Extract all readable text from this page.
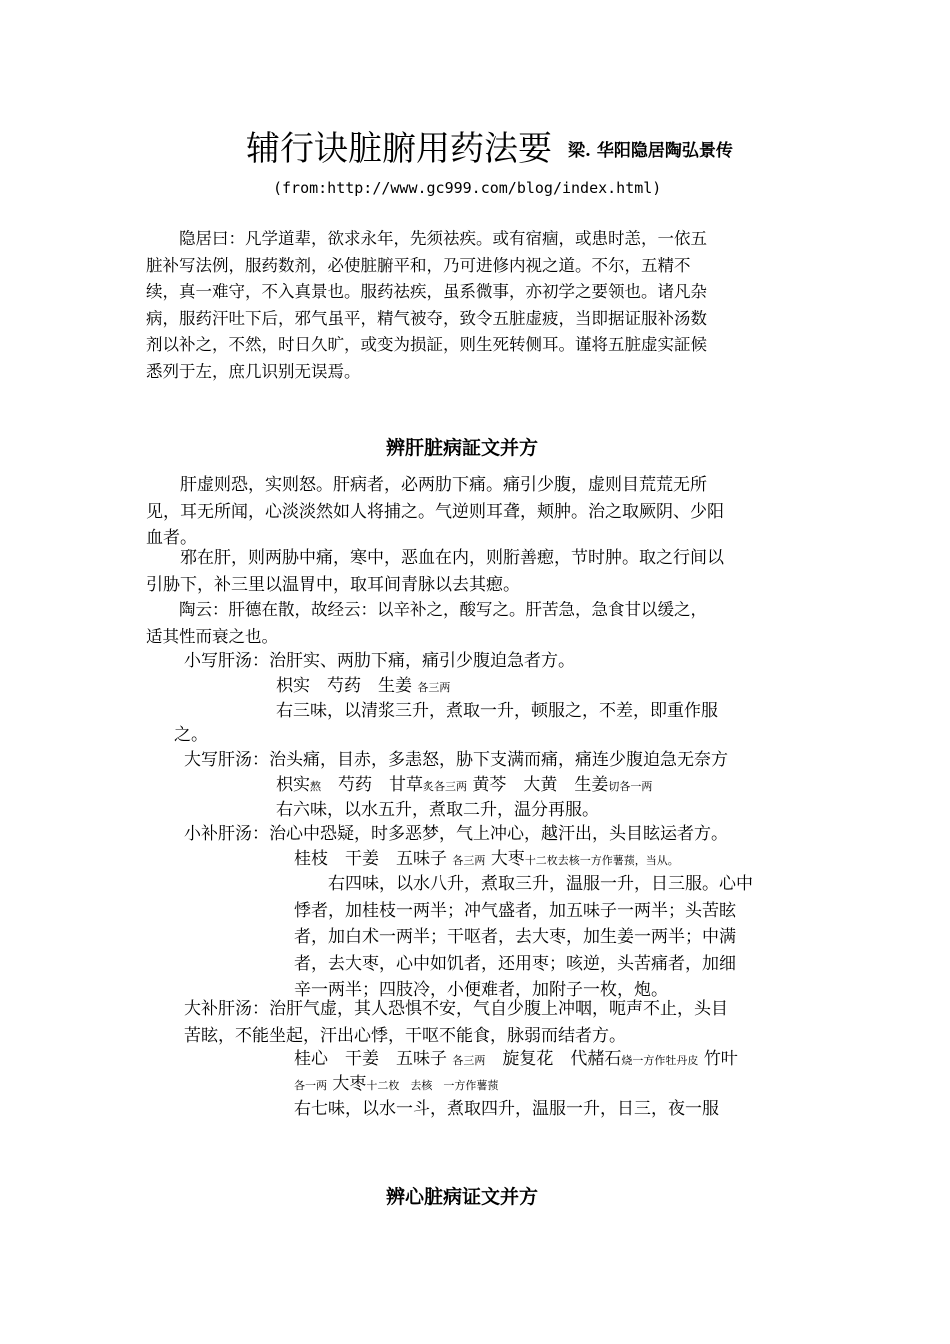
辅行诀脏腑用药法要 梁. 华阳隐居陶弘景传
(from:http://www.gc999.com/blog/index.html)
　　隐居曰：凡学道辈，欲求永年，先须祛疾。或有宿痼，或患时恙，一依五
脏补写法例，服药数剂，必使脏腑平和，乃可进修内视之道。不尔，五精不
续，真一难守，不入真景也。服药祛疾，虽系微事，亦初学之要领也。诸凡杂
病，服药汗吐下后，邪气虽平，精气被夺，致令五脏虚疲，当即据证服补汤数
剂以补之，不然，时日久旷，或变为损証，则生死转侧耳。谨将五脏虚实証候
悉列于左，庶几识别无误焉。
辨肝脏病証文并方
　　肝虚则恐，实则怒。肝病者，必两肋下痛。痛引少腹，虚则目荒荒无所
见，耳无所闻，心淡淡然如人将捕之。气逆则耳聋，颊肿。治之取厥阴、少阳
血者。
　　邪在肝，则两胁中痛，寒中，恶血在内，则胻善瘛，节时肿。取之行间以
引胁下，补三里以温胃中，取耳间青脉以去其瘛。
　　陶云：肝德在散，故经云：以辛补之，酸写之。肝苦急，急食甘以缓之，
适其性而衰之也。
小写肝汤：治肝实、两肋下痛，痛引少腹迫急者方。
枳实　芍药　生姜 各三两
右三味，以清浆三升，煮取一升，顿服之，不差，即重作服
之。
大写肝汤：治头痛，目赤，多恚怒，胁下支满而痛，痛连少腹迫急无奈方
枳实熬　芍药　甘草炙各三两 黄芩　大黄　生姜切各一两
右六味，以水五升，煮取二升，温分再服。
小补肝汤：治心中恐疑，时多恶梦，气上冲心，越汗出，头目眩运者方。
桂枝　干姜　五味子 各三两 大枣十二枚去核一方作薯蓣，当从。
　　右四味，以水八升，煮取三升，温服一升，日三服。心中
悸者，加桂枝一两半；冲气盛者，加五味子一两半；头苦眩
者，加白术一两半；干呕者，去大枣，加生姜一两半；中满
者，去大枣，心中如饥者，还用枣；咳逆，头苦痛者，加细
辛一两半；四肢冷，小便难者，加附子一枚，炮。
大补肝汤：治肝气虚，其人恐惧不安，气自少腹上冲咽，呃声不止，头目
苦眩，不能坐起，汗出心悸，干呕不能食，脉弱而结者方。
桂心　干姜　五味子 各三两　旋复花　代赭石烧一方作牡丹皮 竹叶
各一两 大枣十二枚　去核　一方作薯蓣
右七味，以水一斗，煮取四升，温服一升，日三，夜一服
辨心脏病证文并方
